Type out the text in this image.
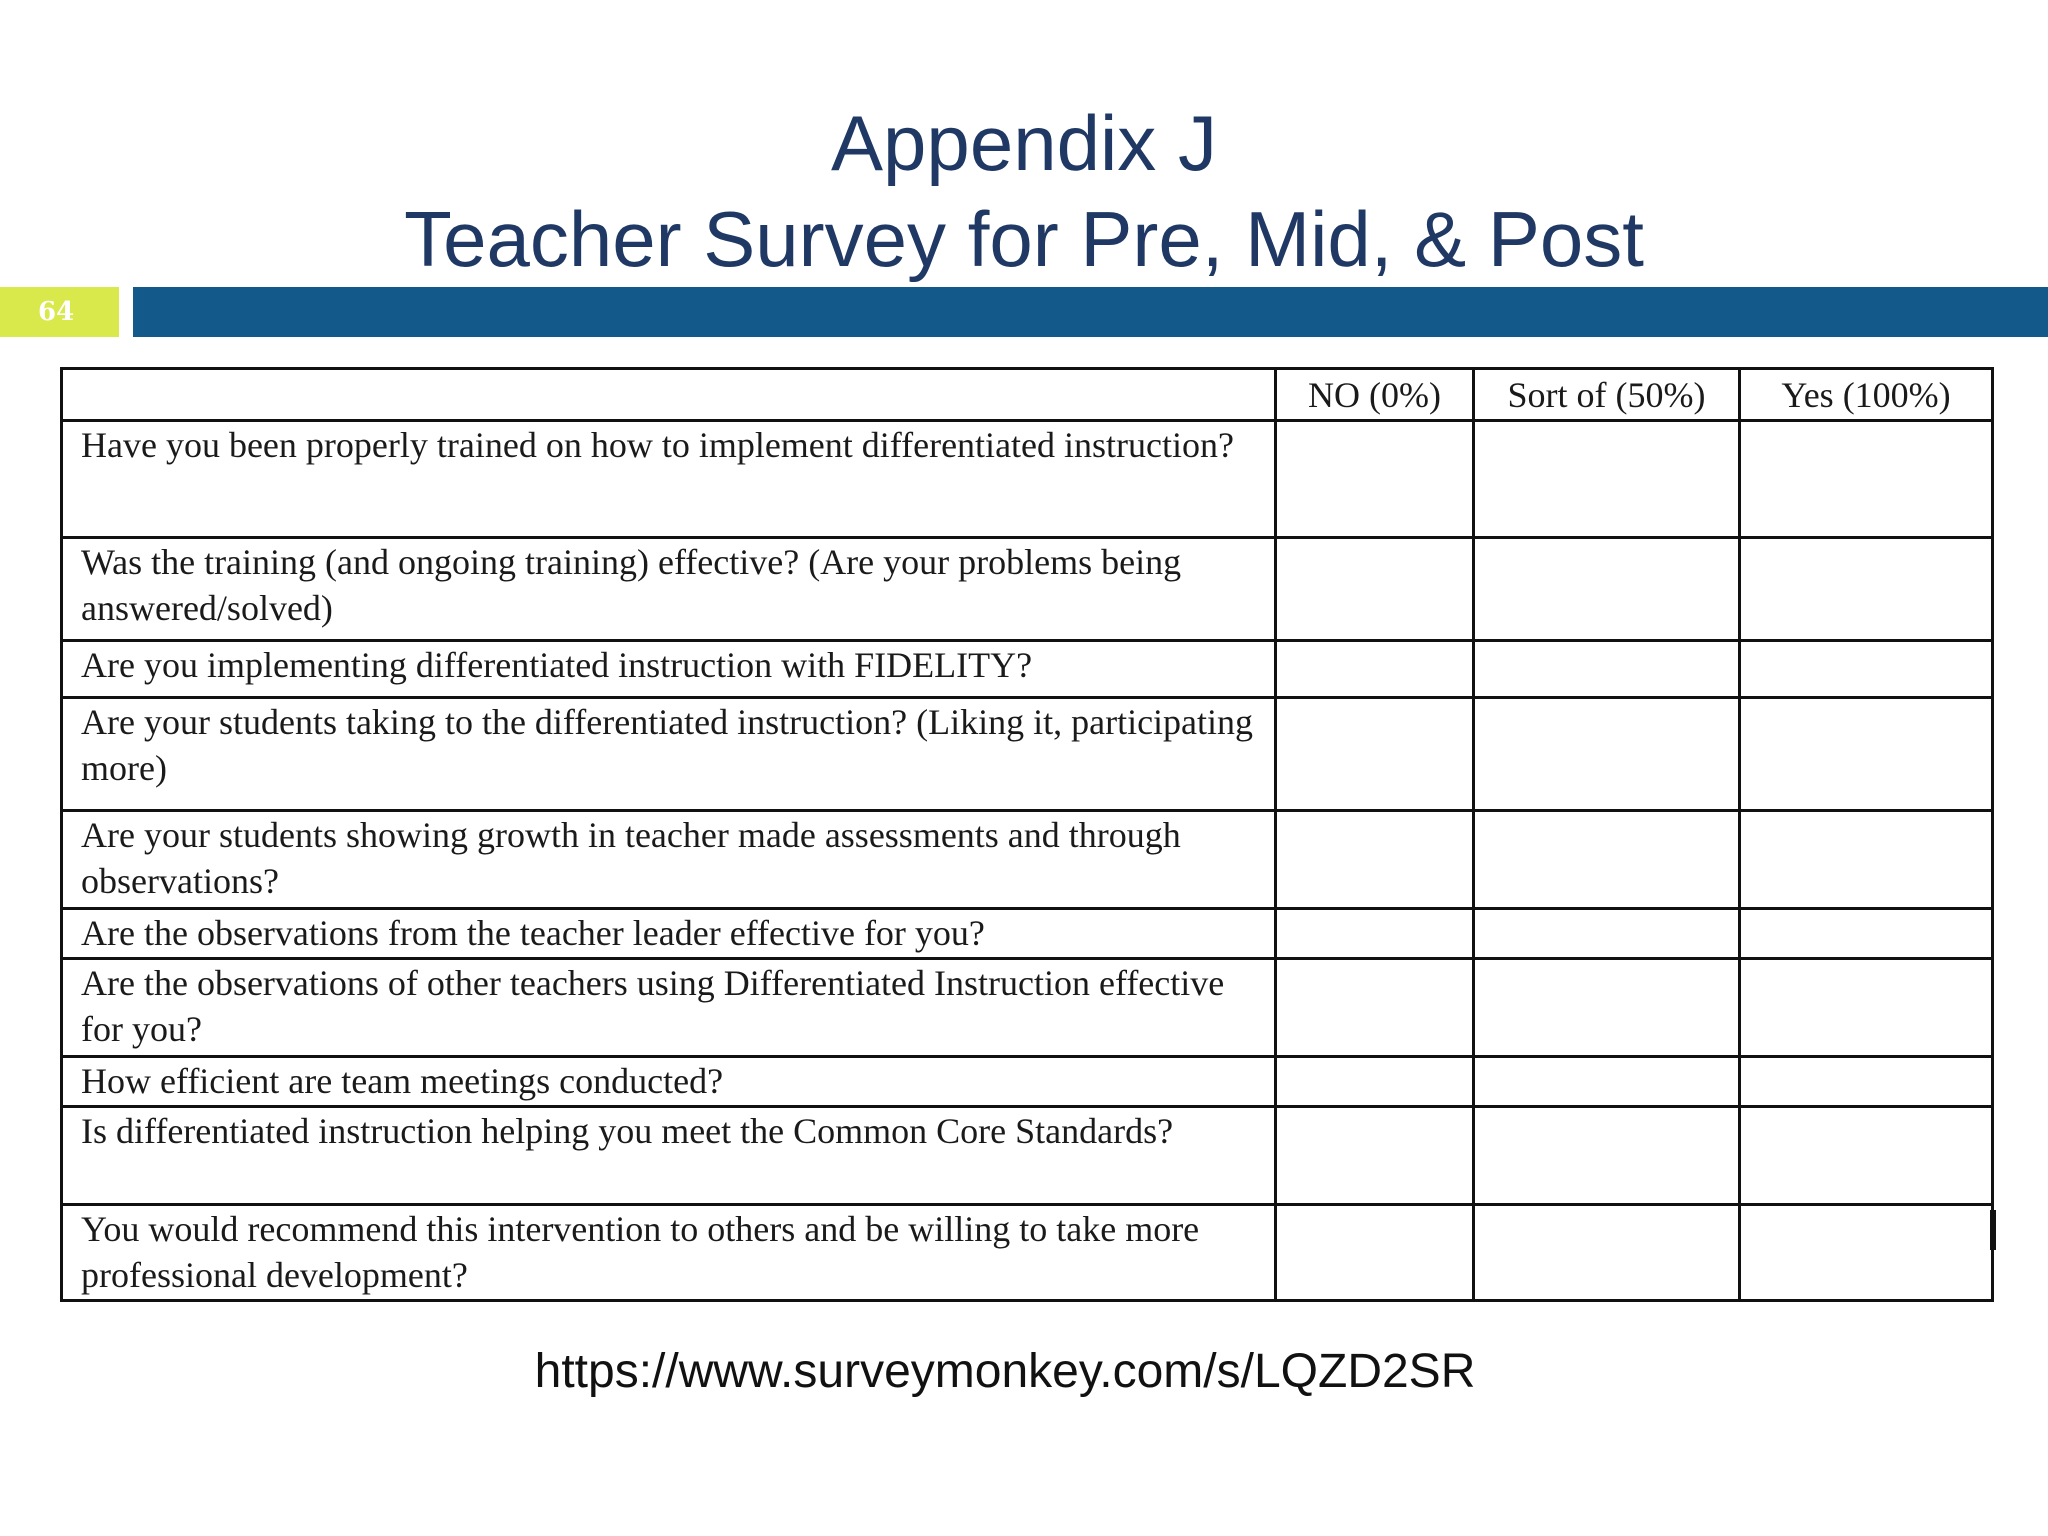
Appendix J
Teacher Survey for Pre, Mid, & Post
64
	NO (0%)	Sort of (50%)	Yes (100%)
Have you been properly trained on how to implement differentiated instruction?			
Was the training (and ongoing training) effective? (Are your problems being answered/solved)			
Are you implementing differentiated instruction with FIDELITY?			
Are your students taking to the differentiated instruction? (Liking it, participating more)			
Are your students showing growth in teacher made assessments and through observations?			
Are the observations from the teacher leader effective for you?			
Are the observations of other teachers using Differentiated Instruction effective for you?			
How efficient are team meetings conducted?			
Is differentiated instruction helping you meet the Common Core Standards?			
You would recommend this intervention to others and be willing to take more professional development?			
https://www.surveymonkey.com/s/LQZD2SR
